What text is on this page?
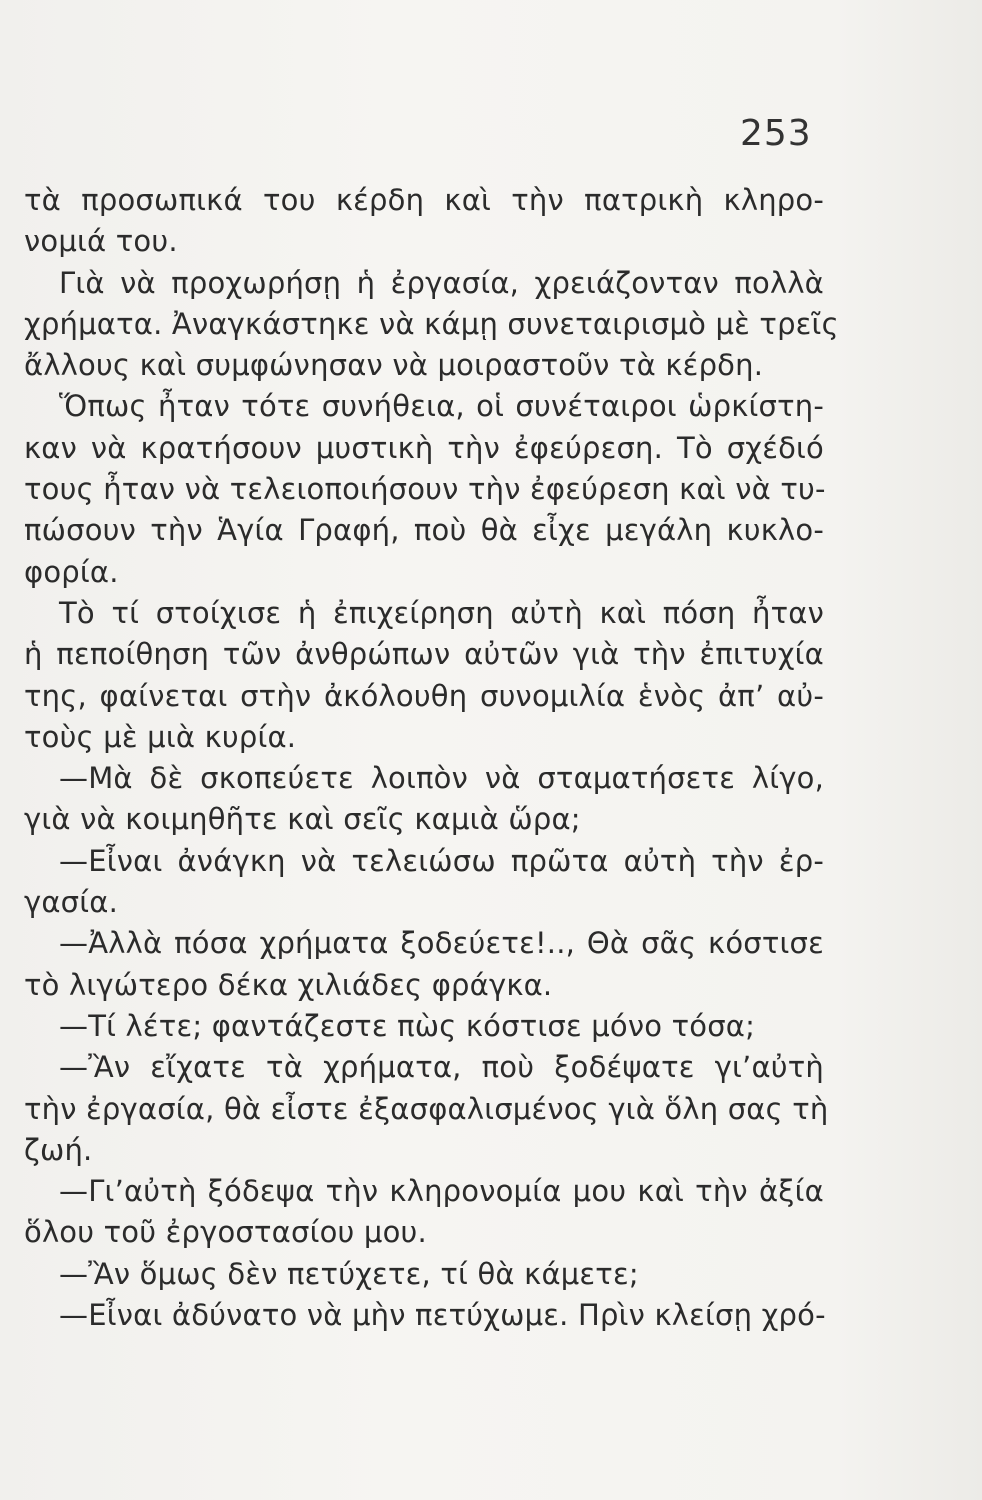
253
τὰ προσωπικά του κέρδη καὶ τὴν πατρικὴ κληρο-
νομιά του.
Γιὰ νὰ προχωρήσῃ ἡ ἐργασία, χρειάζονταν πολλὰ
χρήματα. Ἀναγκάστηκε νὰ κάμῃ συνεταιρισμὸ μὲ τρεῖς
ἄλλους καὶ συμφώνησαν νὰ μοιραστοῦν τὰ κέρδη.
Ὅπως ἦταν τότε συνήθεια, οἱ συνέταιροι ὡρκίστη-
καν νὰ κρατήσουν μυστικὴ τὴν ἐφεύρεση. Τὸ σχέδιό
τους ἦταν νὰ τελειοποιήσουν τὴν ἐφεύρεση καὶ νὰ τυ-
πώσουν τὴν Ἁγία Γραφή, ποὺ θὰ εἶχε μεγάλη κυκλο-
φορία.
Τὸ τί στοίχισε ἡ ἐπιχείρηση αὐτὴ καὶ πόση ἦταν
ἡ πεποίθηση τῶν ἀνθρώπων αὐτῶν γιὰ τὴν ἐπιτυχία
της, φαίνεται στὴν ἀκόλουθη συνομιλία ἑνὸς ἀπ’ αὐ-
τοὺς μὲ μιὰ κυρία.
—Μὰ δὲ σκοπεύετε λοιπὸν νὰ σταματήσετε λίγο,
γιὰ νὰ κοιμηθῆτε καὶ σεῖς καμιὰ ὥρα;
—Εἶναι ἀνάγκη νὰ τελειώσω πρῶτα αὐτὴ τὴν ἐρ-
γασία.
—Ἀλλὰ πόσα χρήματα ξοδεύετε!.., Θὰ σᾶς κόστισε
τὸ λιγώτερο δέκα χιλιάδες φράγκα.
—Τί λέτε; φαντάζεστε πὼς κόστισε μόνο τόσα;
—Ἂν εἴχατε τὰ χρήματα, ποὺ ξοδέψατε γι’αὐτὴ
τὴν ἐργασία, θὰ εἶστε ἐξασφαλισμένος γιὰ ὅλη σας τὴ
ζωή.
—Γι’αὐτὴ ξόδεψα τὴν κληρονομία μου καὶ τὴν ἀξία
ὅλου τοῦ ἐργοστασίου μου.
—Ἂν ὅμως δὲν πετύχετε, τί θὰ κάμετε;
—Εἶναι ἀδύνατο νὰ μὴν πετύχωμε. Πρὶν κλείσῃ χρό-
